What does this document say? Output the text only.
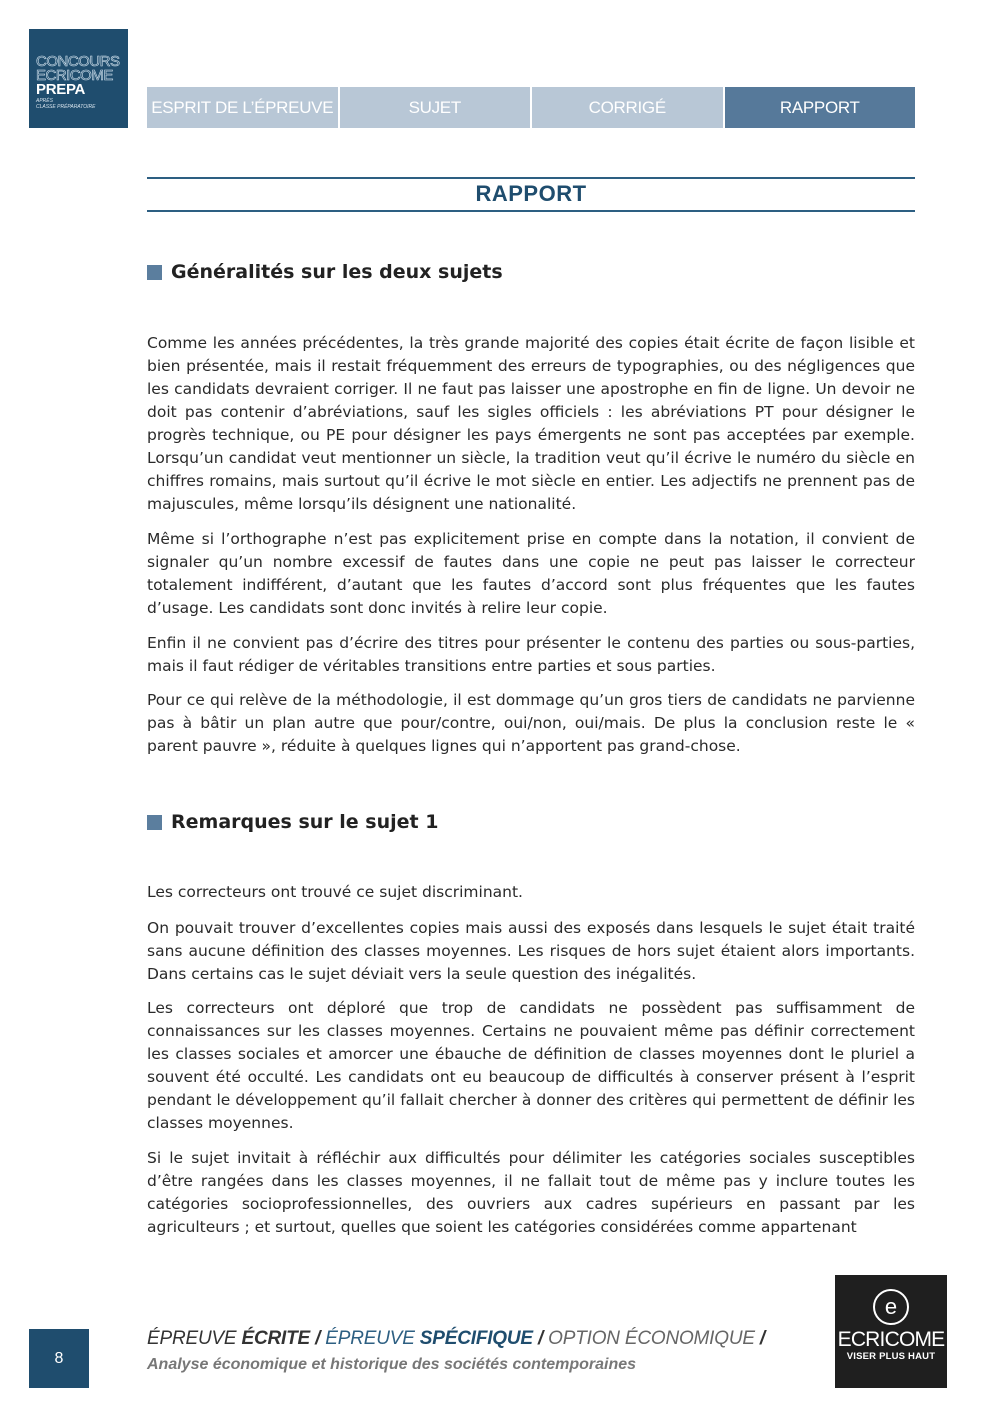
CONCOURS
ECRICOME
PREPA
APRÈS
CLASSE PRÉPARATOIRE	ESPRIT DE L’ÉPREUVE	SUJET	CORRIGÉ	RAPPORT
RAPPORT
Généralités sur les deux sujets

Comme les années précédentes, la très grande majorité des copies était écrite de façon lisible et bien présentée, mais il restait fréquemment des erreurs de typographies, ou des négligences que les candidats devraient corriger. Il ne faut pas laisser une apostrophe en fin de ligne. Un devoir ne doit pas contenir d’abréviations, sauf les sigles officiels : les abréviations PT pour désigner le progrès technique, ou PE pour désigner les pays émergents ne sont pas acceptées par exemple. Lorsqu’un candidat veut mentionner un siècle, la tradition veut qu’il écrive le numéro du siècle en chiffres romains, mais surtout qu’il écrive le mot siècle en entier. Les adjectifs ne prennent pas de majuscules, même lorsqu’ils désignent une nationalité.

Même si l’orthographe n’est pas explicitement prise en compte dans la notation, il convient de signaler qu’un nombre excessif de fautes dans une copie ne peut pas laisser le correcteur totalement indifférent, d’autant que les fautes d’accord sont plus fréquentes que les fautes d’usage. Les candidats sont donc invités à relire leur copie.

Enfin il ne convient pas d’écrire des titres pour présenter le contenu des parties ou sous-parties, mais il faut rédiger de véritables transitions entre parties et sous parties.

Pour ce qui relève de la méthodologie, il est dommage qu’un gros tiers de candidats ne parvienne pas à bâtir un plan autre que pour/contre, oui/non, oui/mais. De plus la conclusion reste le « parent pauvre », réduite à quelques lignes qui n’apportent pas grand-chose.

Remarques sur le sujet 1

Les correcteurs ont trouvé ce sujet discriminant.

On pouvait trouver d’excellentes copies mais aussi des exposés dans lesquels le sujet était traité sans aucune définition des classes moyennes. Les risques de hors sujet étaient alors importants. Dans certains cas le sujet déviait vers la seule question des inégalités.

Les correcteurs ont déploré que trop de candidats ne possèdent pas suffisamment de connaissances sur les classes moyennes. Certains ne pouvaient même pas définir correctement les classes sociales et amorcer une ébauche de définition de classes moyennes dont le pluriel a souvent été occulté. Les candidats ont eu beaucoup de difficultés à conserver présent à l’esprit pendant le développement qu’il fallait chercher à donner des critères qui permettent de définir les classes moyennes.

Si le sujet invitait à réfléchir aux difficultés pour délimiter les catégories sociales susceptibles d’être rangées dans les classes moyennes, il ne fallait tout de même pas y inclure toutes les catégories socioprofessionnelles, des ouvriers aux cadres supérieurs en passant par les agriculteurs ; et surtout, quelles que soient les catégories considérées comme appartenant

8
ÉPREUVE ÉCRITE / ÉPREUVE SPÉCIFIQUE / OPTION ÉCONOMIQUE /
Analyse économique et historique des sociétés contemporaines
e
ECRICOME
VISER PLUS HAUT
